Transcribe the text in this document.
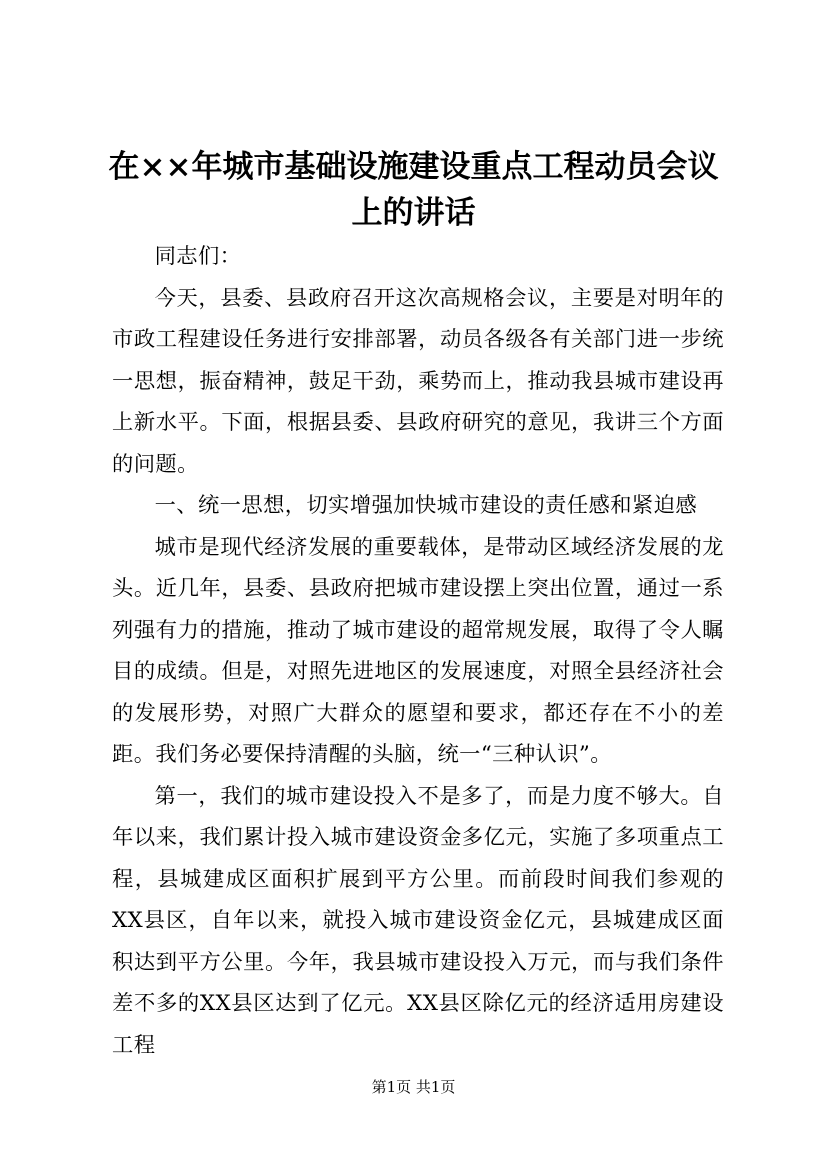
在××年城市基础设施建设重点工程动员会议上的讲话

同志们：

今天，县委、县政府召开这次高规格会议，主要是对明年的市政工程建设任务进行安排部署，动员各级各有关部门进一步统一思想，振奋精神，鼓足干劲，乘势而上，推动我县城市建设再上新水平。下面，根据县委、县政府研究的意见，我讲三个方面的问题。

一、统一思想，切实增强加快城市建设的责任感和紧迫感

城市是现代经济发展的重要载体，是带动区域经济发展的龙头。近几年，县委、县政府把城市建设摆上突出位置，通过一系列强有力的措施，推动了城市建设的超常规发展，取得了令人瞩目的成绩。但是，对照先进地区的发展速度，对照全县经济社会的发展形势，对照广大群众的愿望和要求，都还存在不小的差距。我们务必要保持清醒的头脑，统一“三种认识”。

第一，我们的城市建设投入不是多了，而是力度不够大。自年以来，我们累计投入城市建设资金多亿元，实施了多项重点工程，县城建成区面积扩展到平方公里。而前段时间我们参观的XX县区，自年以来，就投入城市建设资金亿元，县城建成区面积达到平方公里。今年，我县城市建设投入万元，而与我们条件差不多的XX县区达到了亿元。XX县区除亿元的经济适用房建设工程

第1页 共1页
